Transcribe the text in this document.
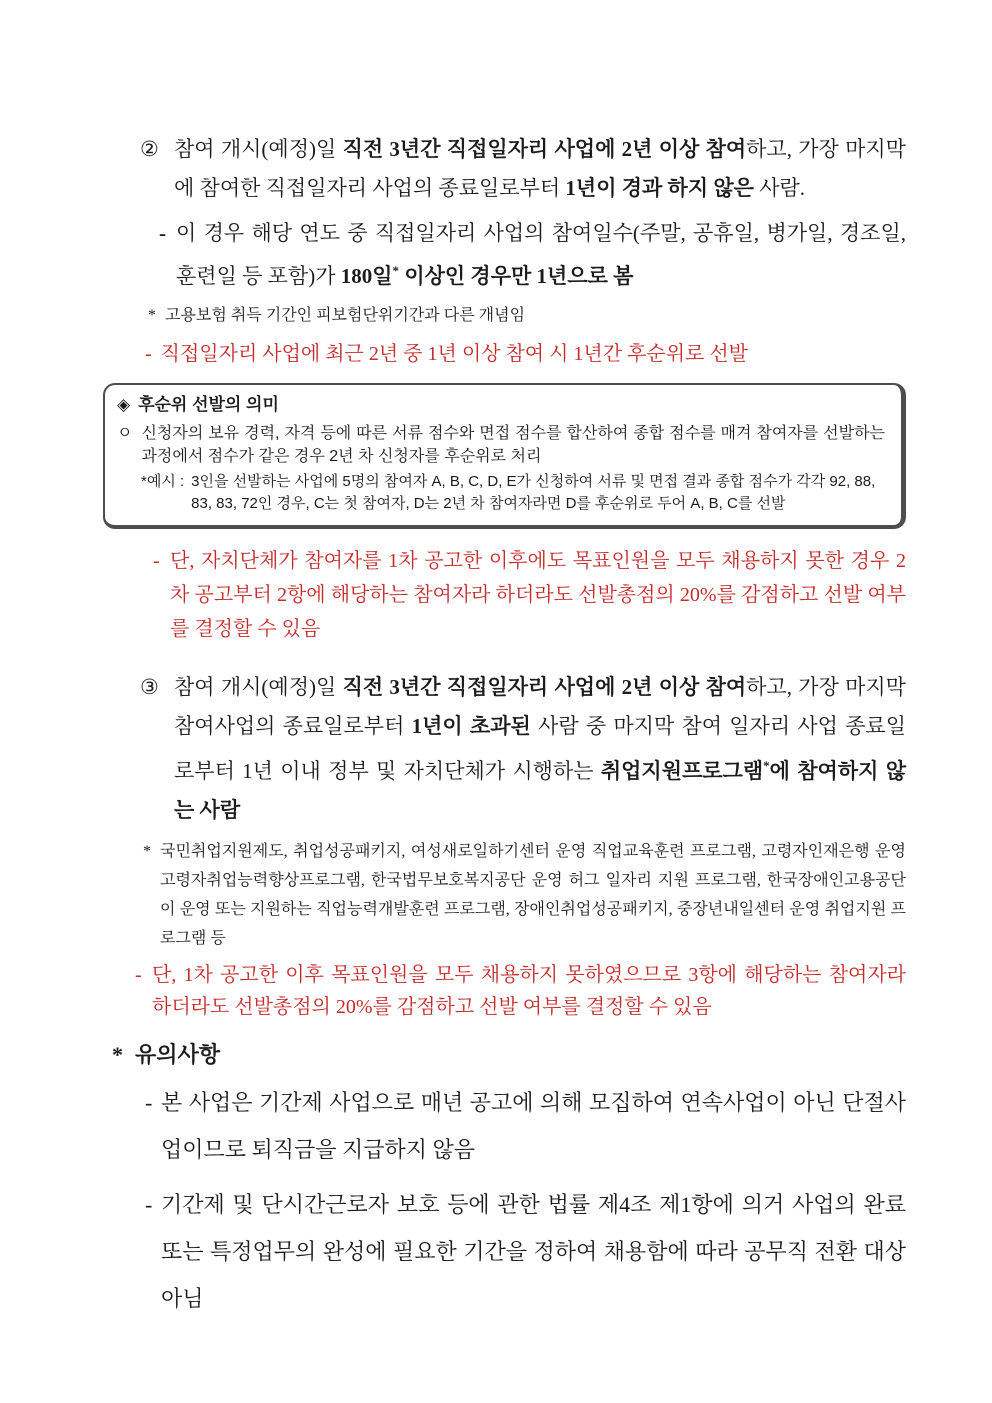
② 참여 개시(예정)일 직전 3년간 직접일자리 사업에 2년 이상 참여하고, 가장 마지막에 참여한 직접일자리 사업의 종료일로부터 1년이 경과 하지 않은 사람.
- 이 경우 해당 연도 중 직접일자리 사업의 참여일수(주말, 공휴일, 병가일, 경조일, 훈련일 등 포함)가 180일* 이상인 경우만 1년으로 봄
* 고용보험 취득 기간인 피보험단위기간과 다른 개념임
- 직접일자리 사업에 최근 2년 중 1년 이상 참여 시 1년간 후순위로 선발
◈ 후순위 선발의 의미
ㅇ 신청자의 보유 경력, 자격 등에 따른 서류 점수와 면접 점수를 합산하여 종합 점수를 매겨 참여자를 선발하는 과정에서 점수가 같은 경우 2년 차 신청자를 후순위로 처리
*예시 : 3인을 선발하는 사업에 5명의 참여자 A, B, C, D, E가 신청하여 서류 및 면접 결과 종합 점수가 각각 92, 88, 83, 83, 72인 경우, C는 첫 참여자, D는 2년 차 참여자라면 D를 후순위로 두어 A, B, C를 선발
- 단, 자치단체가 참여자를 1차 공고한 이후에도 목표인원을 모두 채용하지 못한 경우 2차 공고부터 2항에 해당하는 참여자라 하더라도 선발총점의 20%를 감점하고 선발 여부를 결정할 수 있음
③ 참여 개시(예정)일 직전 3년간 직접일자리 사업에 2년 이상 참여하고, 가장 마지막 참여사업의 종료일로부터 1년이 초과된 사람 중 마지막 참여 일자리 사업 종료일로부터 1년 이내 정부 및 자치단체가 시행하는 취업지원프로그램*에 참여하지 않는 사람
* 국민취업지원제도, 취업성공패키지, 여성새로일하기센터 운영 직업교육훈련 프로그램, 고령자인재은행 운영 고령자취업능력향상프로그램, 한국법무보호복지공단 운영 허그 일자리 지원 프로그램, 한국장애인고용공단이 운영 또는 지원하는 직업능력개발훈련 프로그램, 장애인취업성공패키지, 중장년내일센터 운영 취업지원 프로그램 등
- 단, 1차 공고한 이후 목표인원을 모두 채용하지 못하였으므로 3항에 해당하는 참여자라 하더라도 선발총점의 20%를 감점하고 선발 여부를 결정할 수 있음
* 유의사항
- 본 사업은 기간제 사업으로 매년 공고에 의해 모집하여 연속사업이 아닌 단절사업이므로 퇴직금을 지급하지 않음
- 기간제 및 단시간근로자 보호 등에 관한 법률 제4조 제1항에 의거 사업의 완료 또는 특정업무의 완성에 필요한 기간을 정하여 채용함에 따라 공무직 전환 대상 아님
